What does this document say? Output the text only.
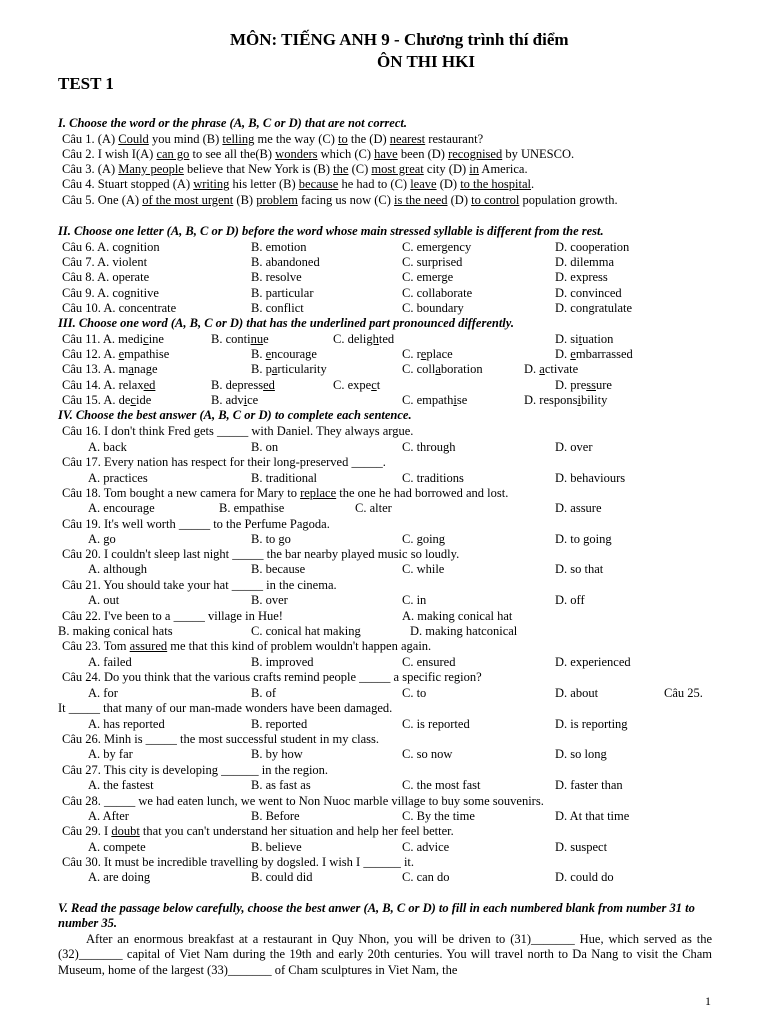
MÔN: TIẾNG ANH 9 - Chương trình thí điểm
ÔN THI HKI
TEST 1
I. Choose the word or the phrase (A, B, C or D) that are not correct.
Câu 1. (A) Could you mind (B) telling me the way (C) to the (D) nearest restaurant?
Câu 2. I wish I(A) can go to see all the(B) wonders which (C) have been (D) recognised by UNESCO.
Câu 3. (A) Many people believe that New York is (B) the (C) most great city (D) in America.
Câu 4. Stuart stopped (A) writing his letter (B) because he had to (C) leave (D) to the hospital.
Câu 5. One (A) of the most urgent (B) problem facing us now (C) is the need (D) to control population growth.
II. Choose one letter (A, B, C or D) before the word whose main stressed syllable is different from the rest.
Câu 6. A. cognition	B. emotion	C. emergency	D. cooperation
Câu 7. A. violent	B. abandoned	C. surprised	D. dilemma
Câu 8. A. operate	B. resolve	C. emerge	D. express
Câu 9. A. cognitive	B. particular	C. collaborate	D. convinced
Câu 10. A. concentrate	B. conflict	C. boundary	D. congratulate
III. Choose one word (A, B, C or D) that has the underlined part pronounced differently.
Câu 11. A. medicine	B. continue	C. delighted	D. situation
Câu 12. A. empathise	B. encourage	C. replace	D. embarrassed
Câu 13. A. manage	B. particularity	C. collaboration	D. activate
Câu 14. A. relaxed	B. depressed	C. expect	D. pressure
Câu 15. A. decide	B. advice	C. empathise	D. responsibility
IV. Choose the best answer (A, B, C or D) to complete each sentence.
Câu 16. I don't think Fred gets _____ with Daniel. They always argue.
A. back	B. on	C. through	D. over
Câu 17. Every nation has respect for their long-preserved _____.
A. practices	B. traditional	C. traditions	D. behaviours
Câu 18. Tom bought a new camera for Mary to replace the one he had borrowed and lost.
A. encourage	B. empathise	C. alter	D. assure
Câu 19. It's well worth _____ to the Perfume Pagoda.
A. go	B. to go	C. going	D. to going
Câu 20. I couldn't sleep last night _____ the bar nearby played music so loudly.
A. although	B. because	C. while	D. so that
Câu 21. You should take your hat _____ in the cinema.
A. out	B. over	C. in	D. off
Câu 22. I've been to a _____ village in Hue!	A. making conical hat
B. making conical hats	C. conical hat making	D. making hatconical
Câu 23. Tom assured me that this kind of problem wouldn't happen again.
A. failed	B. improved	C. ensured	D. experienced
Câu 24. Do you think that the various crafts remind people _____ a specific region?
A. for	B. of	C. to	D. about	Câu 25.
It _____ that many of our man-made wonders have been damaged.
A. has reported	B. reported	C. is reported	D. is reporting
Câu 26. Minh is _____ the most successful student in my class.
A. by far	B. by how	C. so now	D. so long
Câu 27. This city is developing ______ in the region.
A. the fastest	B. as fast as	C. the most fast	D. faster than
Câu 28. _____ we had eaten lunch, we went to Non Nuoc marble village to buy some souvenirs.
A. After	B. Before	C. By the time	D. At that time
Câu 29. I doubt that you can't understand her situation and help her feel better.
A. compete	B. believe	C. advice	D. suspect
Câu 30. It must be incredible travelling by dogsled. I wish I ______ it.
A. are doing	B. could did	C. can do	D. could do
V. Read the passage below carefully, choose the best anwer (A, B, C or D) to fill in each numbered blank from number 31 to number 35.
After an enormous breakfast at a restaurant in Quy Nhon, you will be driven to (31)_______ Hue, which served as the (32)_______ capital of Viet Nam during the 19th and early 20th centuries. You will travel north to Da Nang to visit the Cham Museum, home of the largest (33)_______ of Cham sculptures in Viet Nam, the
1
